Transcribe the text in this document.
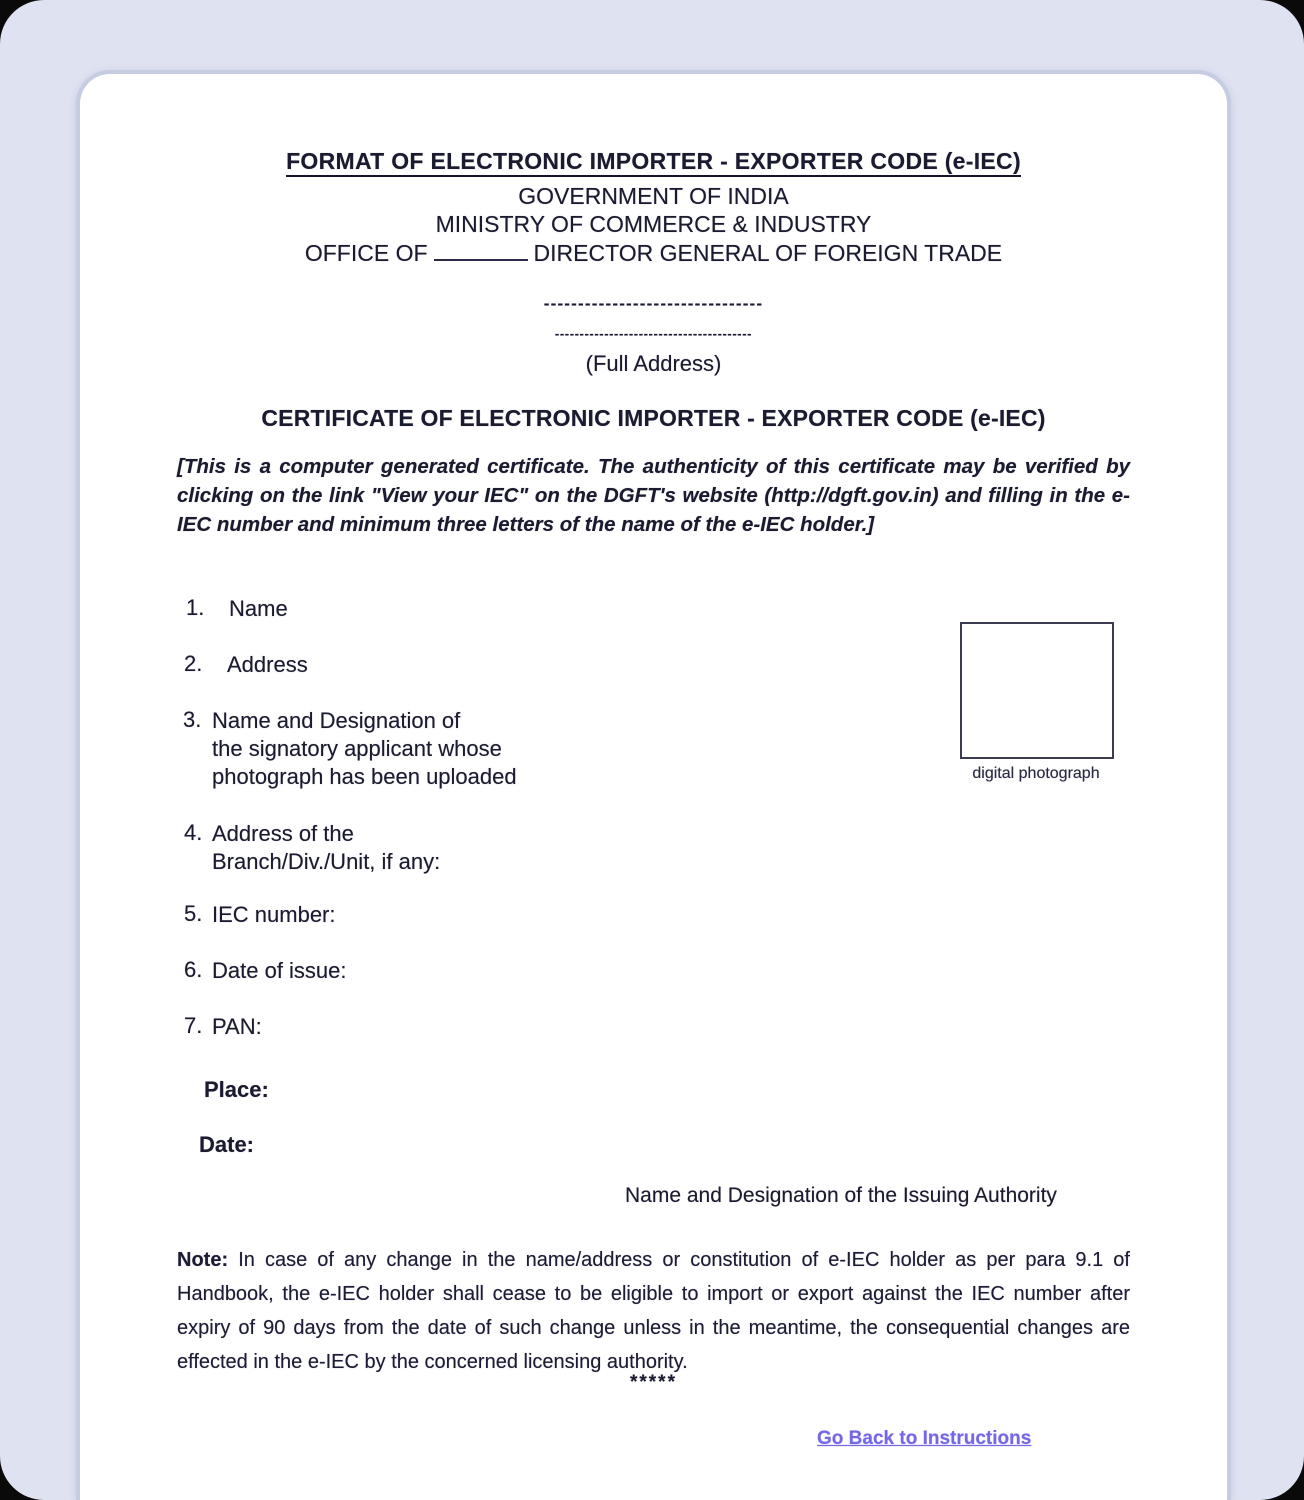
FORMAT OF ELECTRONIC IMPORTER - EXPORTER CODE (e-IEC)
GOVERNMENT OF INDIA
MINISTRY OF COMMERCE & INDUSTRY
OFFICE OF	DIRECTOR GENERAL OF FOREIGN TRADE
--------------------------------
----------------------------------------
(Full Address)
CERTIFICATE OF ELECTRONIC IMPORTER - EXPORTER CODE (e-IEC)
[This is a computer generated certificate. The authenticity of this certificate may be verified by clicking on the link "View your IEC" on the DGFT's website (http://dgft.gov.in) and filling in the e-IEC number and minimum three letters of the name of the e-IEC holder.]
1. Name
2. Address
3. Name and Designation of
the signatory applicant whose
photograph has been uploaded
4. Address of the
Branch/Div./Unit, if any:
5. IEC number:
6. Date of issue:
7. PAN:
digital photograph
Place:
Date:
Name and Designation of the Issuing Authority
Note: In case of any change in the name/address or constitution of e-IEC holder as per para 9.1 of Handbook, the e-IEC holder shall cease to be eligible to import or export against the IEC number after expiry of 90 days from the date of such change unless in the meantime, the consequential changes are effected in the e-IEC by the concerned licensing authority.
*****
Go Back to Instructions
